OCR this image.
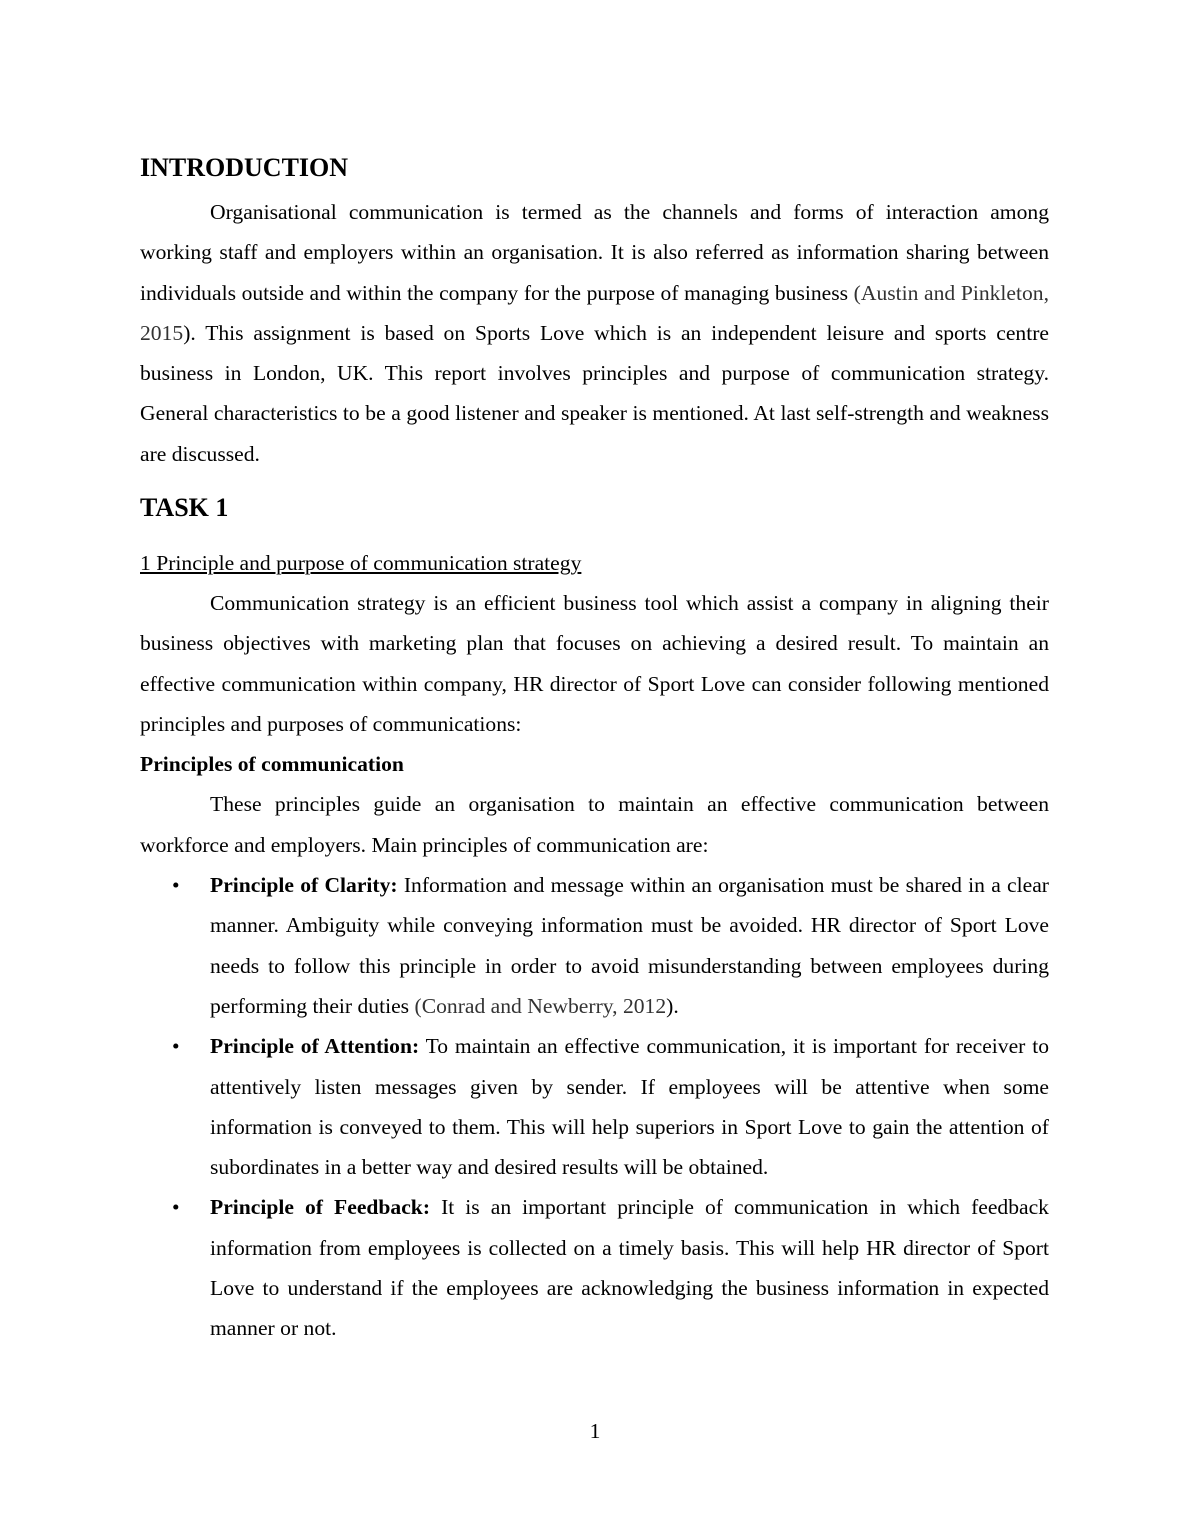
INTRODUCTION

Organisational communication is termed as the channels and forms of interaction among working staff and employers within an organisation. It is also referred as information sharing between individuals outside and within the company for the purpose of managing business (Austin and Pinkleton, 2015). This assignment is based on Sports Love which is an independent leisure and sports centre business in London, UK. This report involves principles and purpose of communication strategy. General characteristics to be a good listener and speaker is mentioned. At last self-strength and weakness are discussed.

TASK 1

1 Principle and purpose of communication strategy

Communication strategy is an efficient business tool which assist a company in aligning their business objectives with marketing plan that focuses on achieving a desired result. To maintain an effective communication within company, HR director of Sport Love can consider following mentioned principles and purposes of communications:

Principles of communication

These principles guide an organisation to maintain an effective communication between workforce and employers. Main principles of communication are:

• Principle of Clarity: Information and message within an organisation must be shared in a clear manner. Ambiguity while conveying information must be avoided. HR director of Sport Love needs to follow this principle in order to avoid misunderstanding between employees during performing their duties (Conrad and Newberry, 2012).
• Principle of Attention: To maintain an effective communication, it is important for receiver to attentively listen messages given by sender. If employees will be attentive when some information is conveyed to them. This will help superiors in Sport Love to gain the attention of subordinates in a better way and desired results will be obtained.
• Principle of Feedback: It is an important principle of communication in which feedback information from employees is collected on a timely basis. This will help HR director of Sport Love to understand if the employees are acknowledging the business information in expected manner or not.
1
